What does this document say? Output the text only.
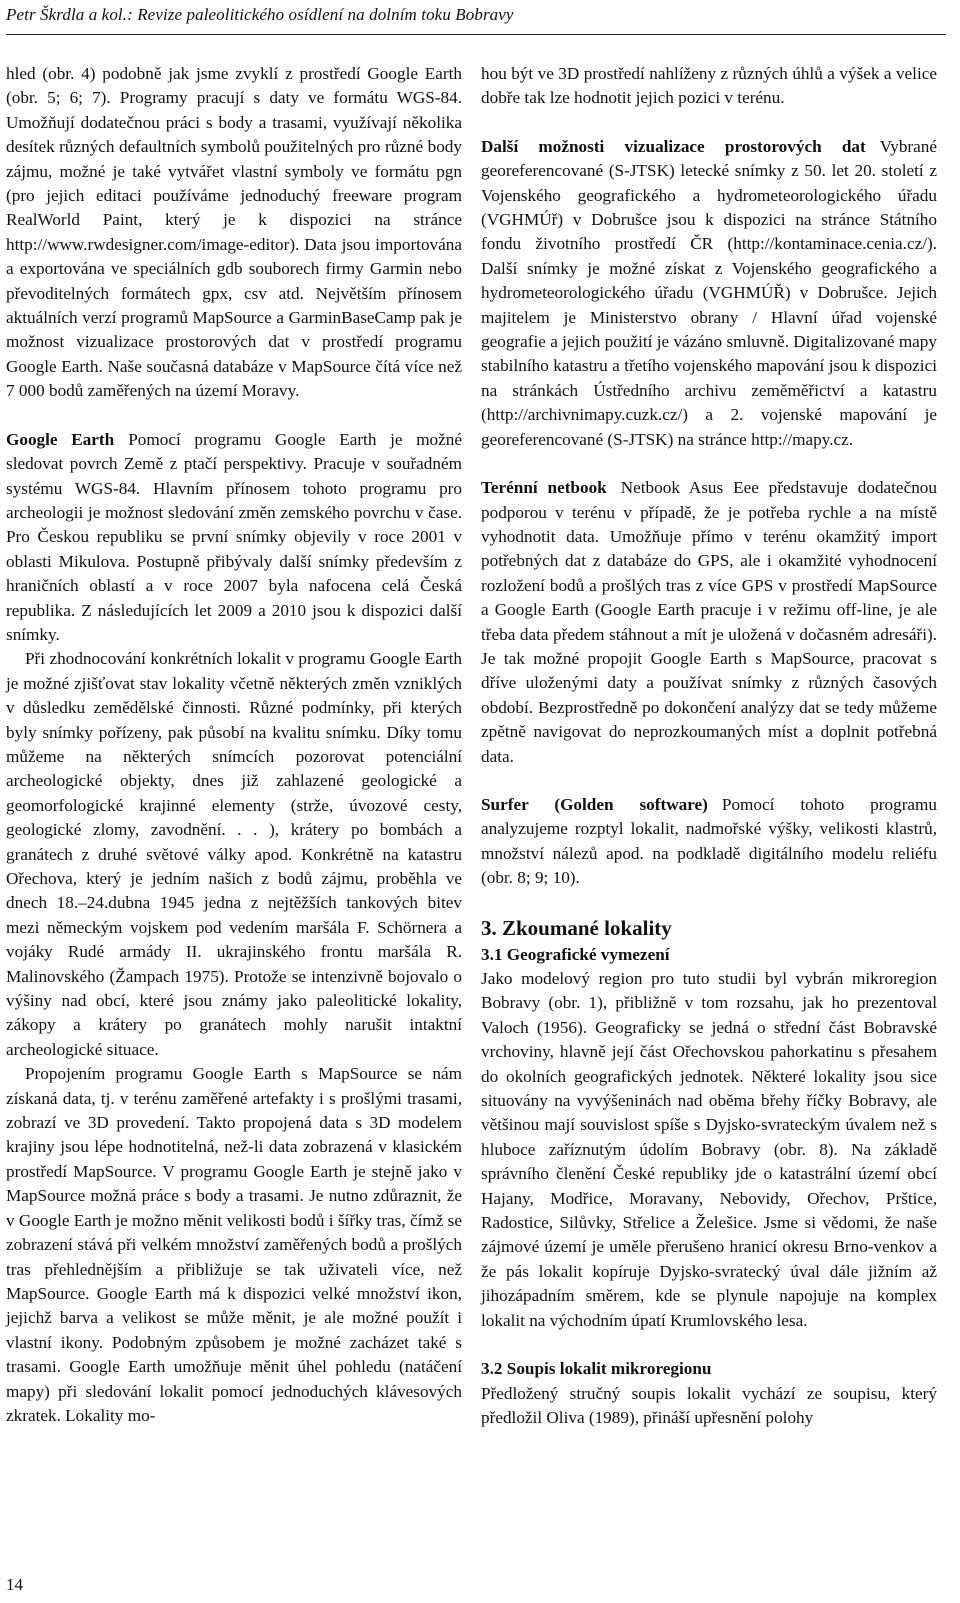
Petr Škrdla a kol.: Revize paleolitického osídlení na dolním toku Bobravy

hled (obr. 4) podobně jak jsme zvyklí z prostředí Google Earth (obr. 5; 6; 7). Programy pracují s daty ve formátu WGS-84. Umožňují dodatečnou práci s body a trasami, využívají několika desítek různých defaultních symbolů použitelných pro různé body zájmu, možné je také vytvářet vlastní symboly ve formátu pgn (pro jejich editaci používáme jednoduchý freeware program RealWorld Paint, který je k dispozici na stránce http://www.rwdesigner.com/image-editor). Data jsou importována a exportována ve speciálních gdb souborech firmy Garmin nebo převoditelných formátech gpx, csv atd. Největším přínosem aktuálních verzí programů MapSource a GarminBaseCamp pak je možnost vizualizace prostorových dat v prostředí programu Google Earth. Naše současná databáze v MapSource čítá více než 7 000 bodů zaměřených na území Moravy.

Google Earth Pomocí programu Google Earth je možné sledovat povrch Země z ptačí perspektivy. Pracuje v souřadném systému WGS-84. Hlavním přínosem tohoto programu pro archeologii je možnost sledování změn zemského povrchu v čase. Pro Českou republiku se první snímky objevily v roce 2001 v oblasti Mikulova. Postupně přibývaly další snímky především z hraničních oblastí a v roce 2007 byla nafocena celá Česká republika. Z následujících let 2009 a 2010 jsou k dispozici další snímky.

Při zhodnocování konkrétních lokalit v programu Google Earth je možné zjišťovat stav lokality včetně některých změn vzniklých v důsledku zemědělské činnosti. Různé podmínky, při kterých byly snímky pořízeny, pak působí na kvalitu snímku. Díky tomu můžeme na některých snímcích pozorovat potenciální archeologické objekty, dnes již zahlazené geologické a geomorfologické krajinné elementy (strže, úvozové cesty, geologické zlomy, zavodnění. . . ), krátery po bombách a granátech z druhé světové války apod. Konkrétně na katastru Ořechova, který je jedním našich z bodů zájmu, proběhla ve dnech 18.–24.dubna 1945 jedna z nejtěžších tankových bitev mezi německým vojskem pod vedením maršála F. Schörnera a vojáky Rudé armády II. ukrajinského frontu maršála R. Malinovského (Žampach 1975). Protože se intenzivně bojovalo o výšiny nad obcí, které jsou známy jako paleolitické lokality, zákopy a krátery po granátech mohly narušit intaktní archeologické situace.

Propojením programu Google Earth s MapSource se nám získaná data, tj. v terénu zaměřené artefakty i s prošlými trasami, zobrazí ve 3D provedení. Takto propojená data s 3D modelem krajiny jsou lépe hodnotitelná, než-li data zobrazená v klasickém prostředí MapSource. V programu Google Earth je stejně jako v MapSource možná práce s body a trasami. Je nutno zdůraznit, že v Google Earth je možno měnit velikosti bodů i šířky tras, čímž se zobrazení stává při velkém množství zaměřených bodů a prošlých tras přehlednějším a přibližuje se tak uživateli více, než MapSource. Google Earth má k dispozici velké množství ikon, jejichž barva a velikost se může měnit, je ale možné použít i vlastní ikony. Podobným způsobem je možné zacházet také s trasami. Google Earth umožňuje měnit úhel pohledu (natáčení mapy) při sledování lokalit pomocí jednoduchých klávesových zkratek. Lokality mo-

hou být ve 3D prostředí nahlíženy z různých úhlů a výšek a velice dobře tak lze hodnotit jejich pozici v terénu.

Další možnosti vizualizace prostorových dat Vybrané georeferencované (S-JTSK) letecké snímky z 50. let 20. století z Vojenského geografického a hydrometeorologického úřadu (VGHMÚř) v Dobrušce jsou k dispozici na stránce Státního fondu životního prostředí ČR (http://kontaminace.cenia.cz/). Další snímky je možné získat z Vojenského geografického a hydrometeorologického úřadu (VGHMÚŘ) v Dobrušce. Jejich majitelem je Ministerstvo obrany / Hlavní úřad vojenské geografie a jejich použití je vázáno smluvně. Digitalizované mapy stabilního katastru a třetího vojenského mapování jsou k dispozici na stránkách Ústředního archivu zeměměřictví a katastru (http://archivnimapy.cuzk.cz/) a 2. vojenské mapování je georeferencované (S-JTSK) na stránce http://mapy.cz.

Terénní netbook Netbook Asus Eee představuje dodatečnou podporou v terénu v případě, že je potřeba rychle a na místě vyhodnotit data. Umožňuje přímo v terénu okamžitý import potřebných dat z databáze do GPS, ale i okamžité vyhodnocení rozložení bodů a prošlých tras z více GPS v prostředí MapSource a Google Earth (Google Earth pracuje i v režimu off-line, je ale třeba data předem stáhnout a mít je uložená v dočasném adresáři). Je tak možné propojit Google Earth s MapSource, pracovat s dříve uloženými daty a používat snímky z různých časových období. Bezprostředně po dokončení analýzy dat se tedy můžeme zpětně navigovat do neprozkoumaných míst a doplnit potřebná data.

Surfer (Golden software) Pomocí tohoto programu analyzujeme rozptyl lokalit, nadmořské výšky, velikosti klastrů, množství nálezů apod. na podkladě digitálního modelu reliéfu (obr. 8; 9; 10).

3. Zkoumané lokality
3.1 Geografické vymezení

Jako modelový region pro tuto studii byl vybrán mikroregion Bobravy (obr. 1), přibližně v tom rozsahu, jak ho prezentoval Valoch (1956). Geograficky se jedná o střední část Bobravské vrchoviny, hlavně její část Ořechovskou pahorkatinu s přesahem do okolních geografických jednotek. Některé lokality jsou sice situovány na vyvýšeninách nad oběma břehy říčky Bobravy, ale většinou mají souvislost spíše s Dyjsko-svrateckým úvalem než s hluboce zaříznutým údolím Bobravy (obr. 8). Na základě správního členění České republiky jde o katastrální území obcí Hajany, Modřice, Moravany, Nebovidy, Ořechov, Prštice, Radostice, Silůvky, Střelice a Želešice. Jsme si vědomi, že naše zájmové území je uměle přerušeno hranicí okresu Brno-venkov a že pás lokalit kopíruje Dyjsko-svratecký úval dále jižním až jihozápadním směrem, kde se plynule napojuje na komplex lokalit na východním úpatí Krumlovského lesa.

3.2 Soupis lokalit mikroregionu

Předložený stručný soupis lokalit vychází ze soupisu, který předložil Oliva (1989), přináší upřesnění polohy

14
